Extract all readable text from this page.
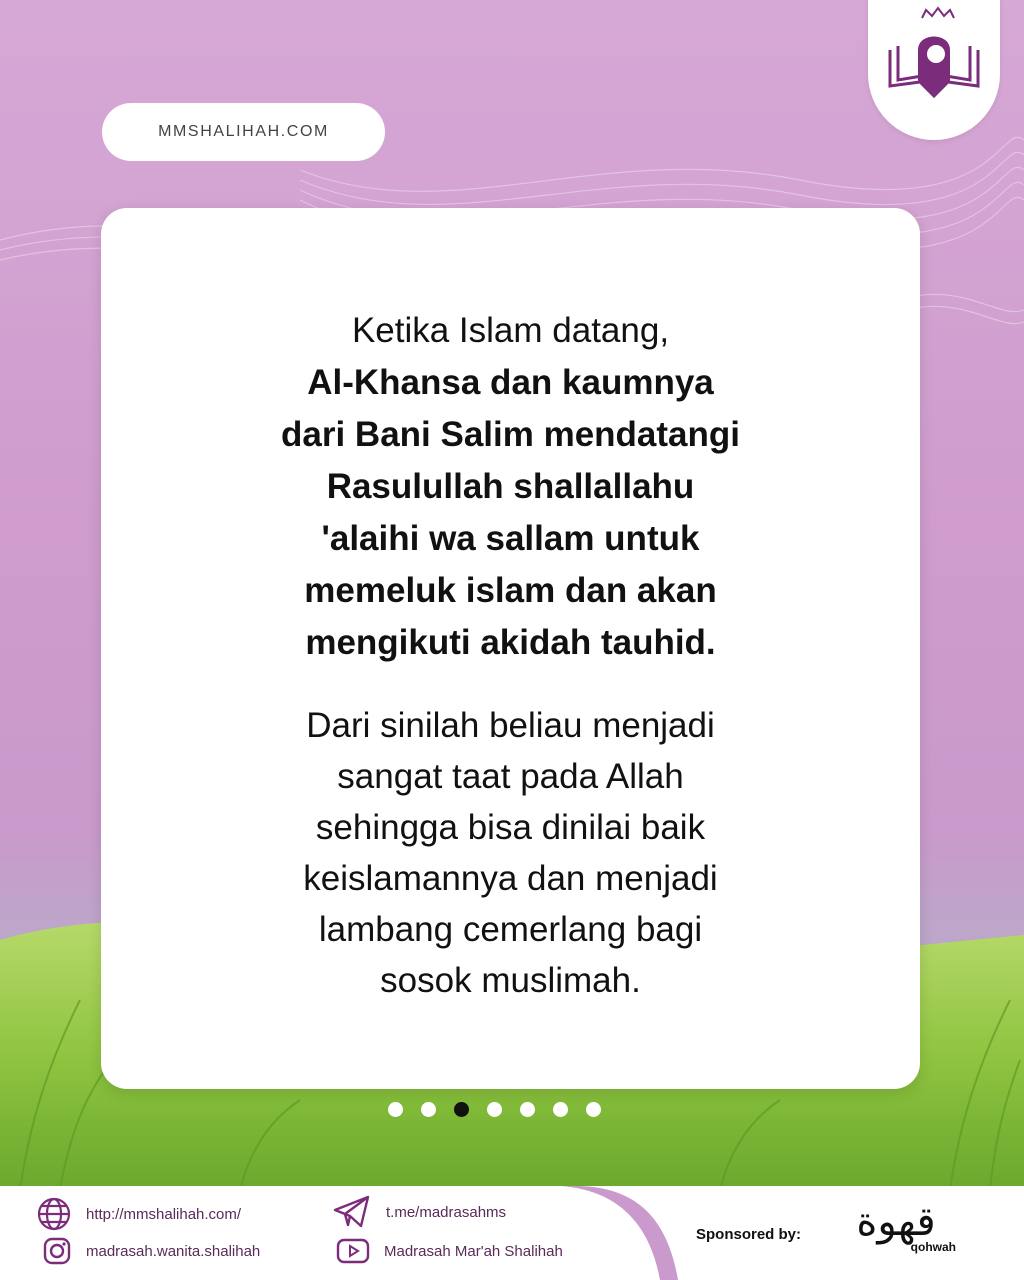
MMSHALIHAH.COM
Ketika Islam datang,
Al-Khansa dan kaumnya
dari Bani Salim mendatangi
Rasulullah shallallahu
'alaihi wa sallam untuk
memeluk islam dan akan
mengikuti akidah tauhid.
Dari sinilah beliau menjadi
sangat taat pada Allah
sehingga bisa dinilai baik
keislamannya dan menjadi
lambang cemerlang bagi
sosok muslimah.
http://mmshalihah.com/
madrasah.wanita.shalihah
t.me/madrasahms
Madrasah Mar'ah Shalihah
Sponsored by:	قهوة
qohwah
